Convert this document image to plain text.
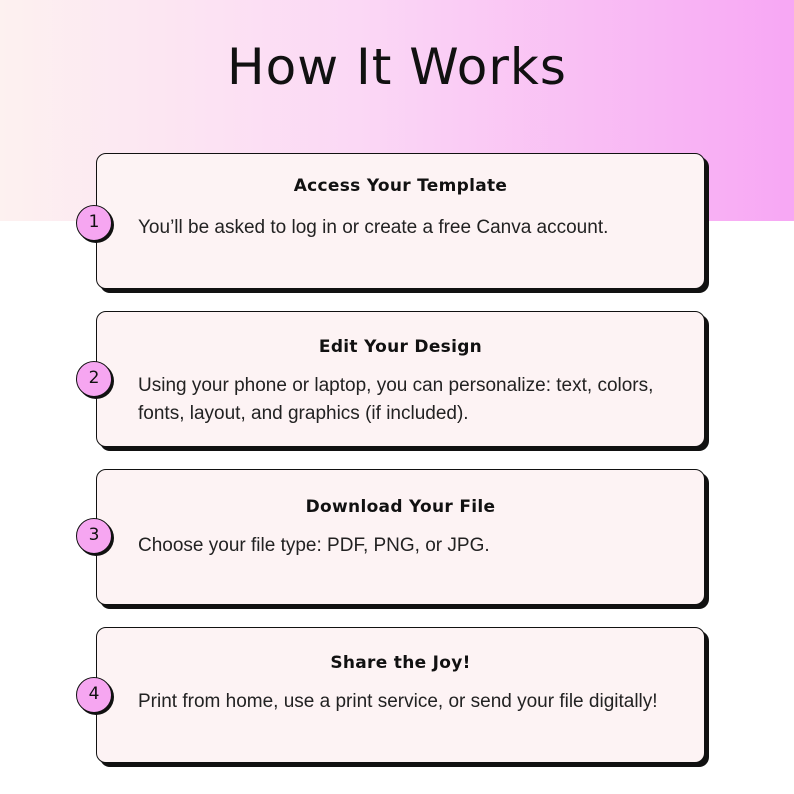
How It Works
Access Your Template
You’ll be asked to log in or create a free Canva account.
1
Edit Your Design
Using your phone or laptop, you can personalize: text, colors, fonts, layout, and graphics (if included).
2
Download Your File
Choose your file type: PDF, PNG, or JPG.
3
Share the Joy!
Print from home, use a print service, or send your file digitally!
4
